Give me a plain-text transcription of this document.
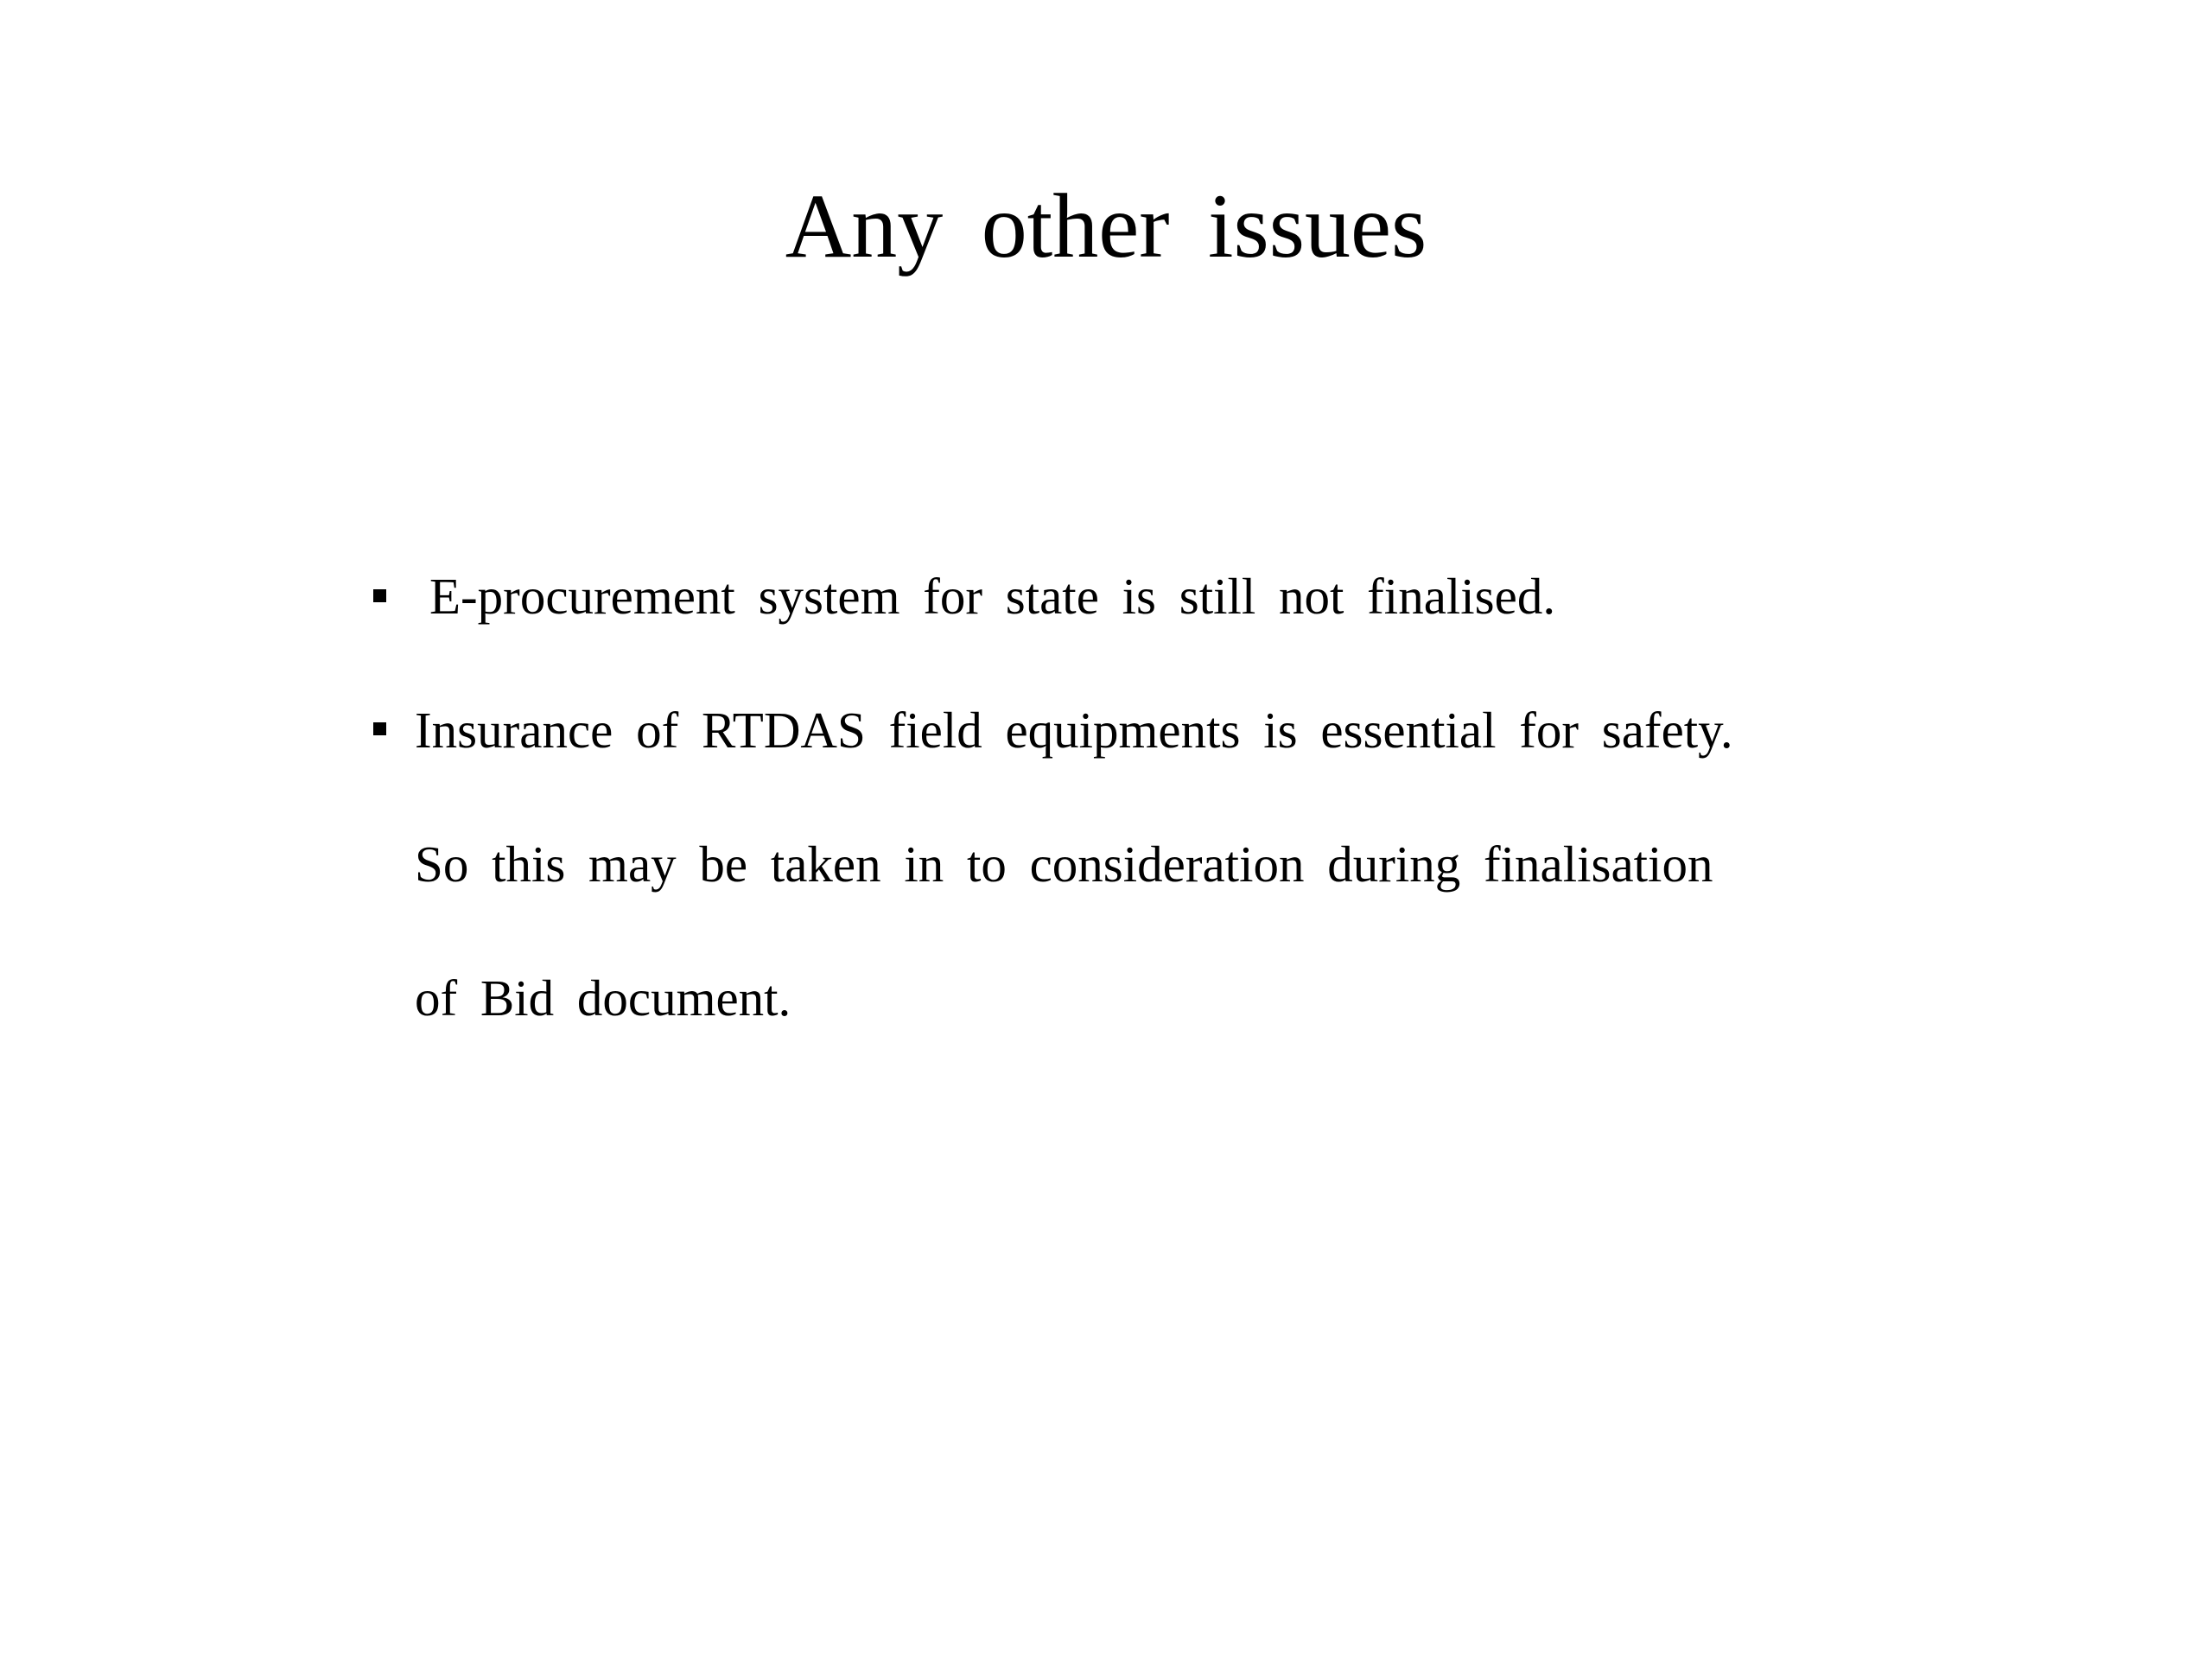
Any other issues
E-procurement system for state is still not finalised.
Insurance of RTDAS field equipments is essential for safety.
So this may be taken in to consideration during finalisation
of Bid document.
